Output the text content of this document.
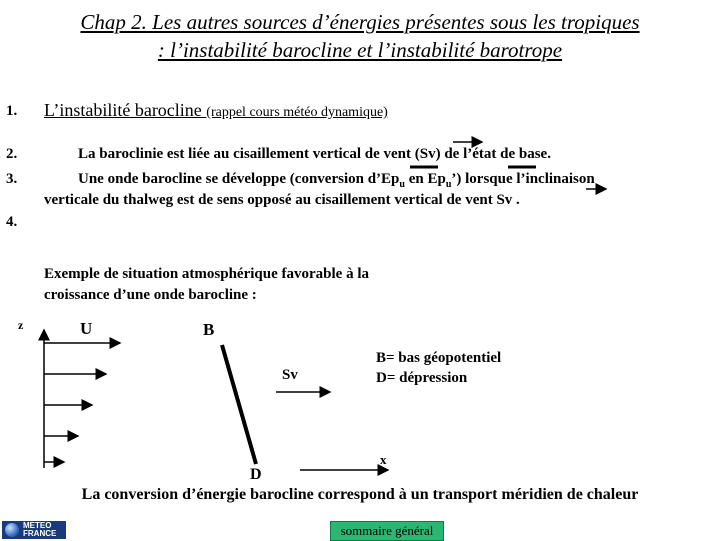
Chap 2. Les autres sources d’énergies présentes sous les tropiques
: l’instabilité barocline et l’instabilité barotrope
1. L’instabilité barocline (rappel cours météo dynamique)
2.	La baroclinie est liée au cisaillement vertical de vent (Sv) de l’état de base.
3.	Une onde barocline se développe (conversion $d’Ep_u$ en $Ep_u$’) lorsque l’inclinaison
verticale du thalweg est de sens opposé au cisaillement vertical de vent Sv .
4.
Exemple de situation atmosphérique favorable à la
croissance d’une onde barocline :
z	U	B
Sv
B= bas géopotentiel
D= dépression
x
D
La conversion d’énergie barocline correspond à un transport méridien de chaleur
METEO
FRANCE	sommaire général
